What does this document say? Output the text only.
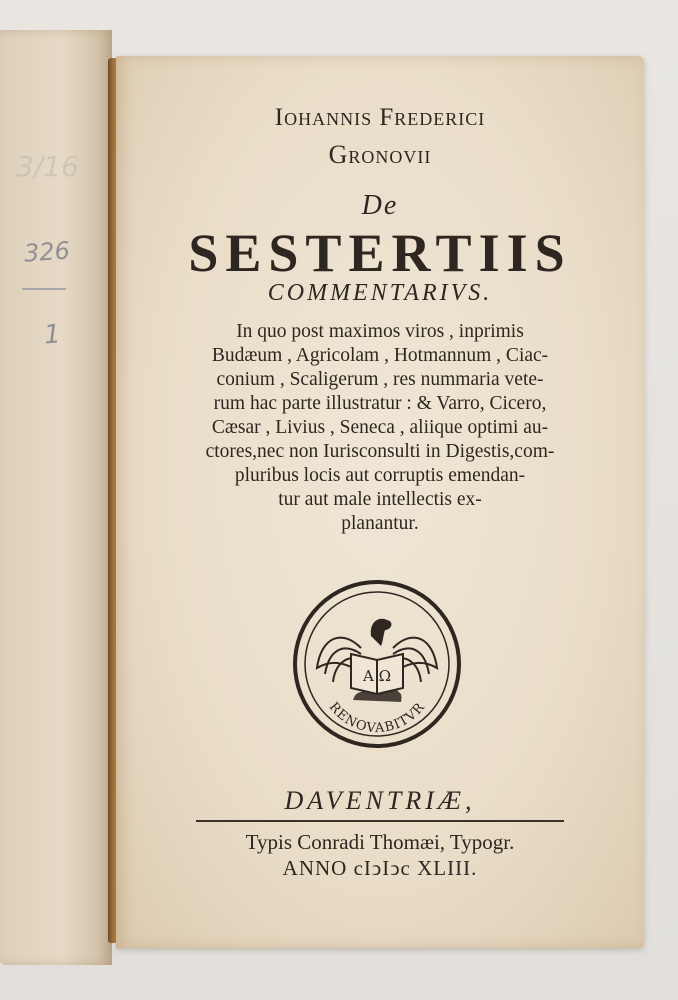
3/16
326
1
Iohannis Frederici
Gronovii
De
SESTERTIIS
COMMENTARIVS.
In quo post maximos viros , inprimis
Budæum , Agricolam , Hotmannum , Ciac-
conium , Scaligerum , res nummaria vete-
rum hac parte illustratur : & Varro, Cicero,
Cæsar , Livius , Seneca , aliique optimi au-
ctores,nec non Iurisconsulti in Digestis,com-
pluribus locis aut corruptis emendan-
tur aut male intellectis ex-
planantur.
A Ω
RENOVABITVR
DAVENTRIÆ,
Typis Conradi Thomæi, Typogr.
ANNO cIↄIↄc XLIII.
